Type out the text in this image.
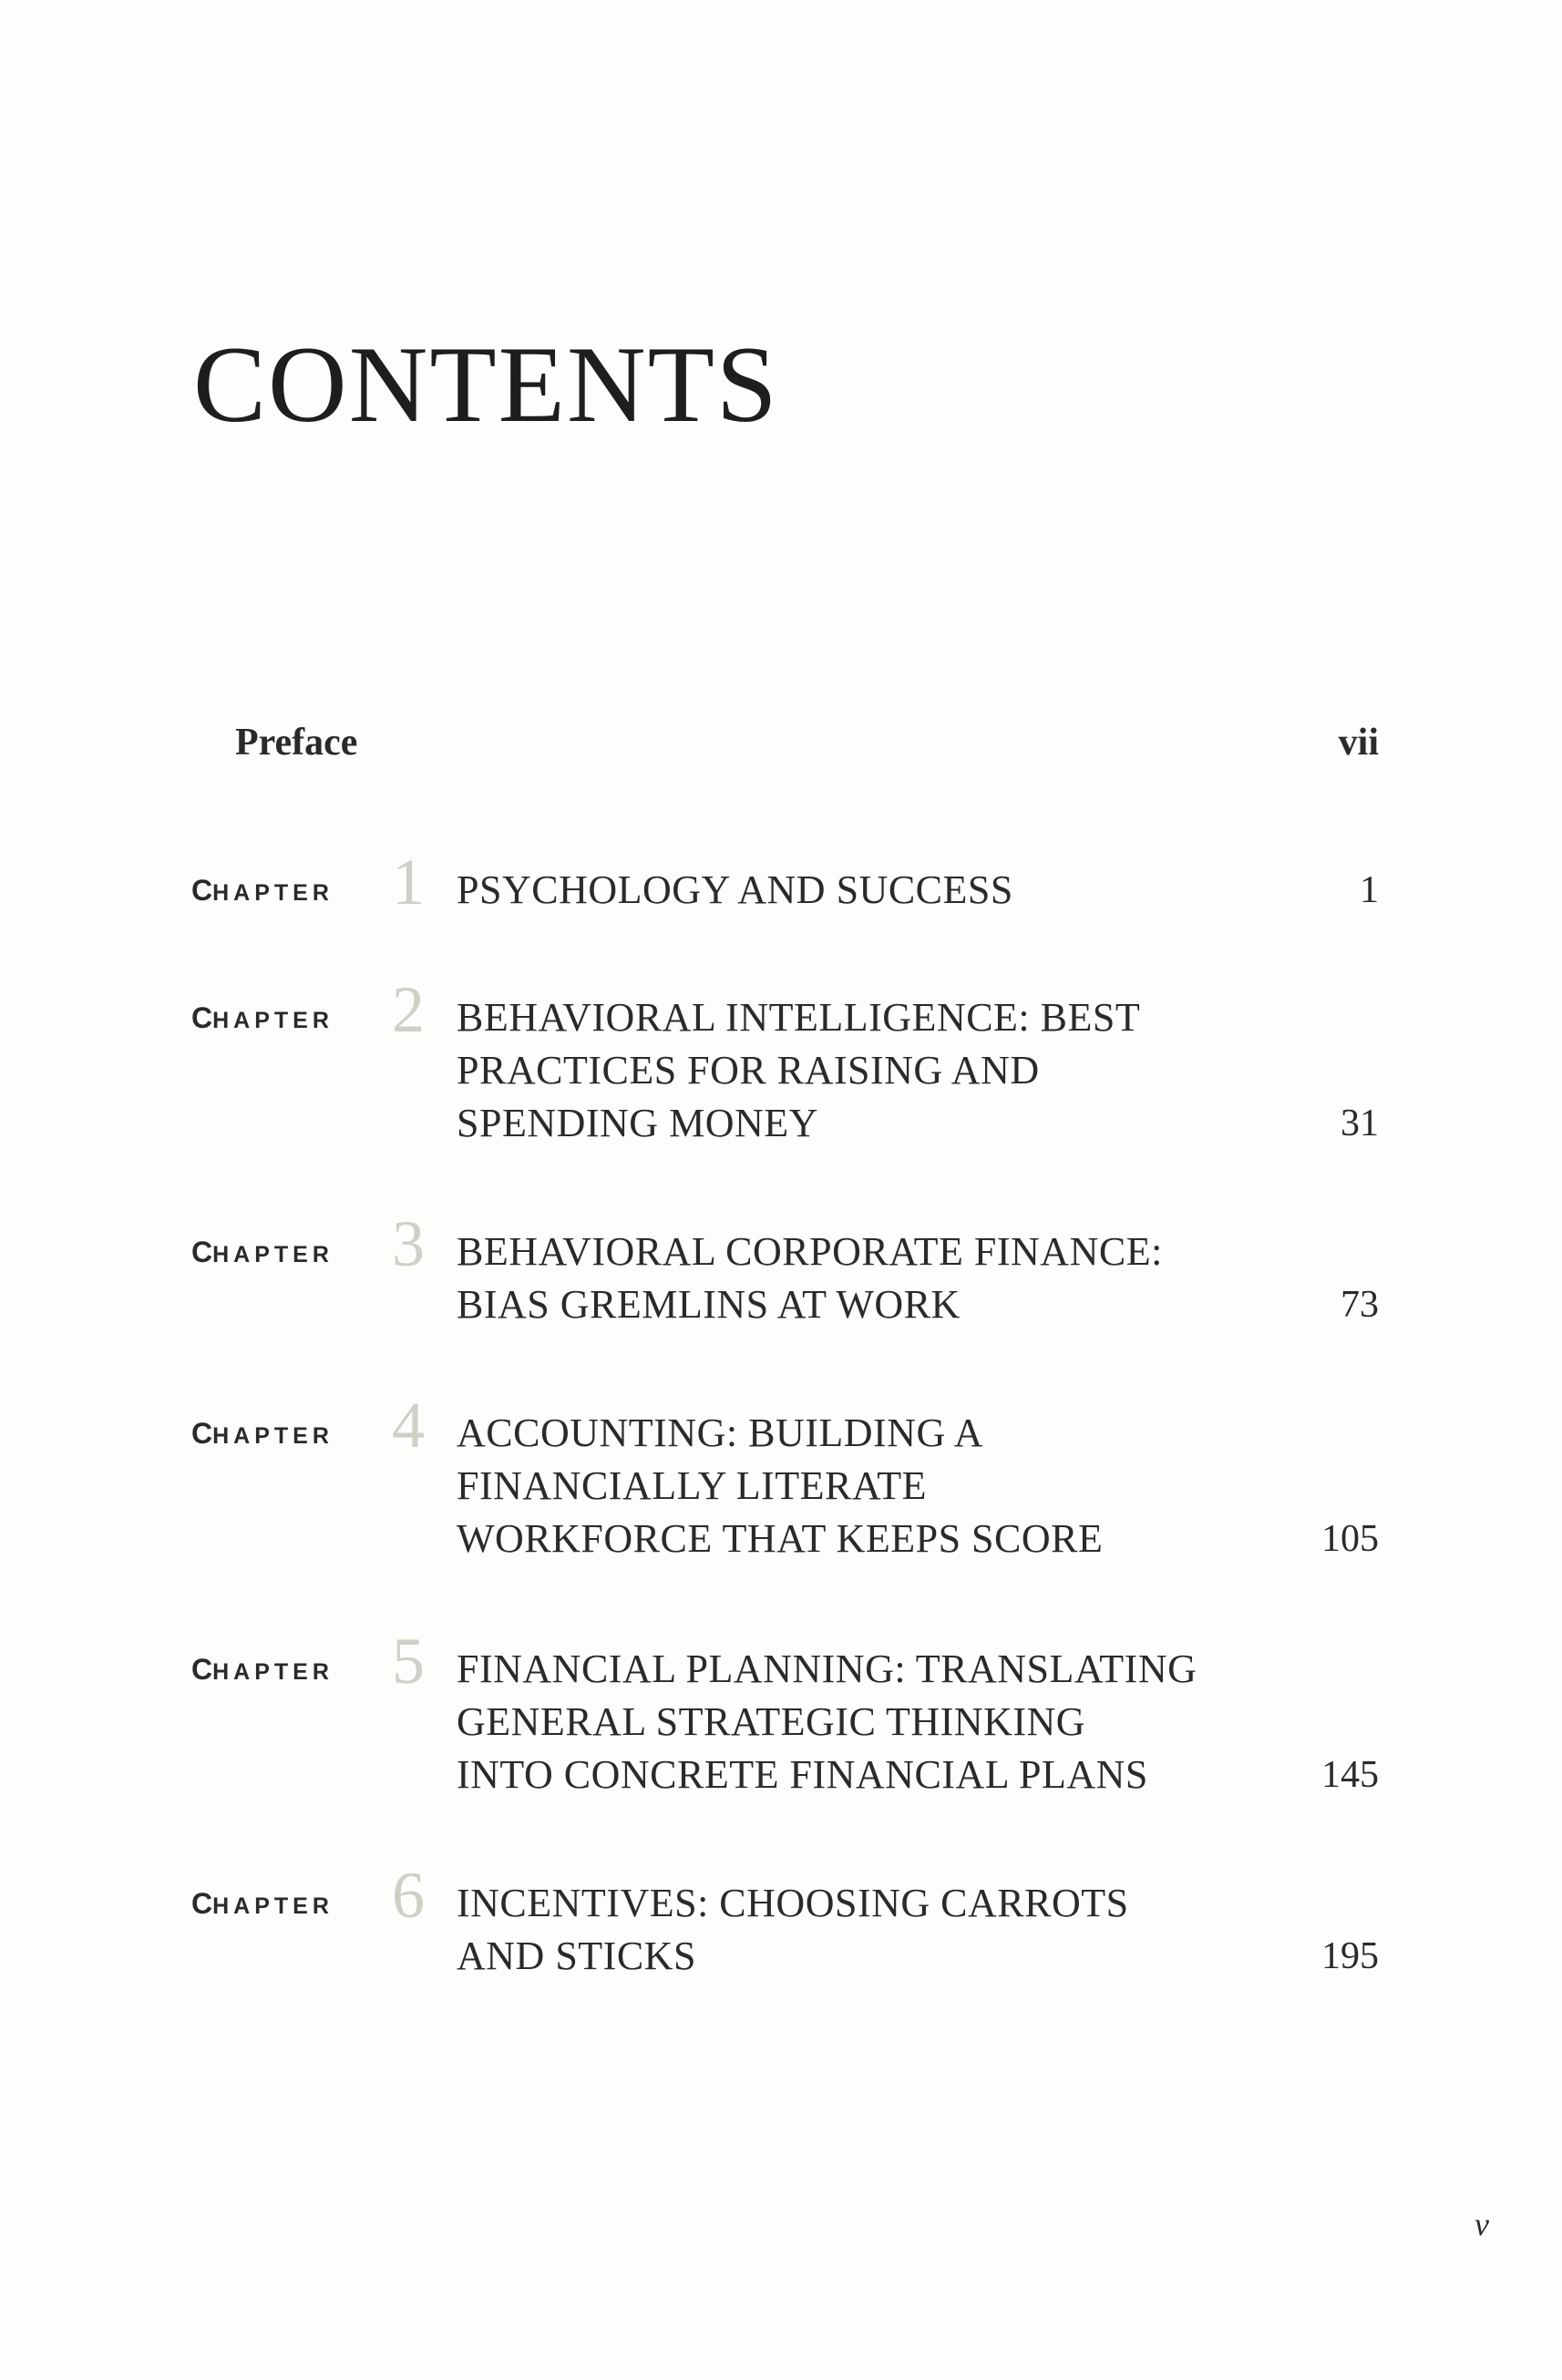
CONTENTS
Preface	vii
CHAPTER 1 PSYCHOLOGY AND SUCCESS	1
CHAPTER 2 BEHAVIORAL INTELLIGENCE: BEST
PRACTICES FOR RAISING AND
SPENDING MONEY	31
CHAPTER 3 BEHAVIORAL CORPORATE FINANCE:
BIAS GREMLINS AT WORK	73
CHAPTER 4 ACCOUNTING: BUILDING A
FINANCIALLY LITERATE
WORKFORCE THAT KEEPS SCORE	105
CHAPTER 5 FINANCIAL PLANNING: TRANSLATING
GENERAL STRATEGIC THINKING
INTO CONCRETE FINANCIAL PLANS	145
CHAPTER 6 INCENTIVES: CHOOSING CARROTS
AND STICKS	195
v
